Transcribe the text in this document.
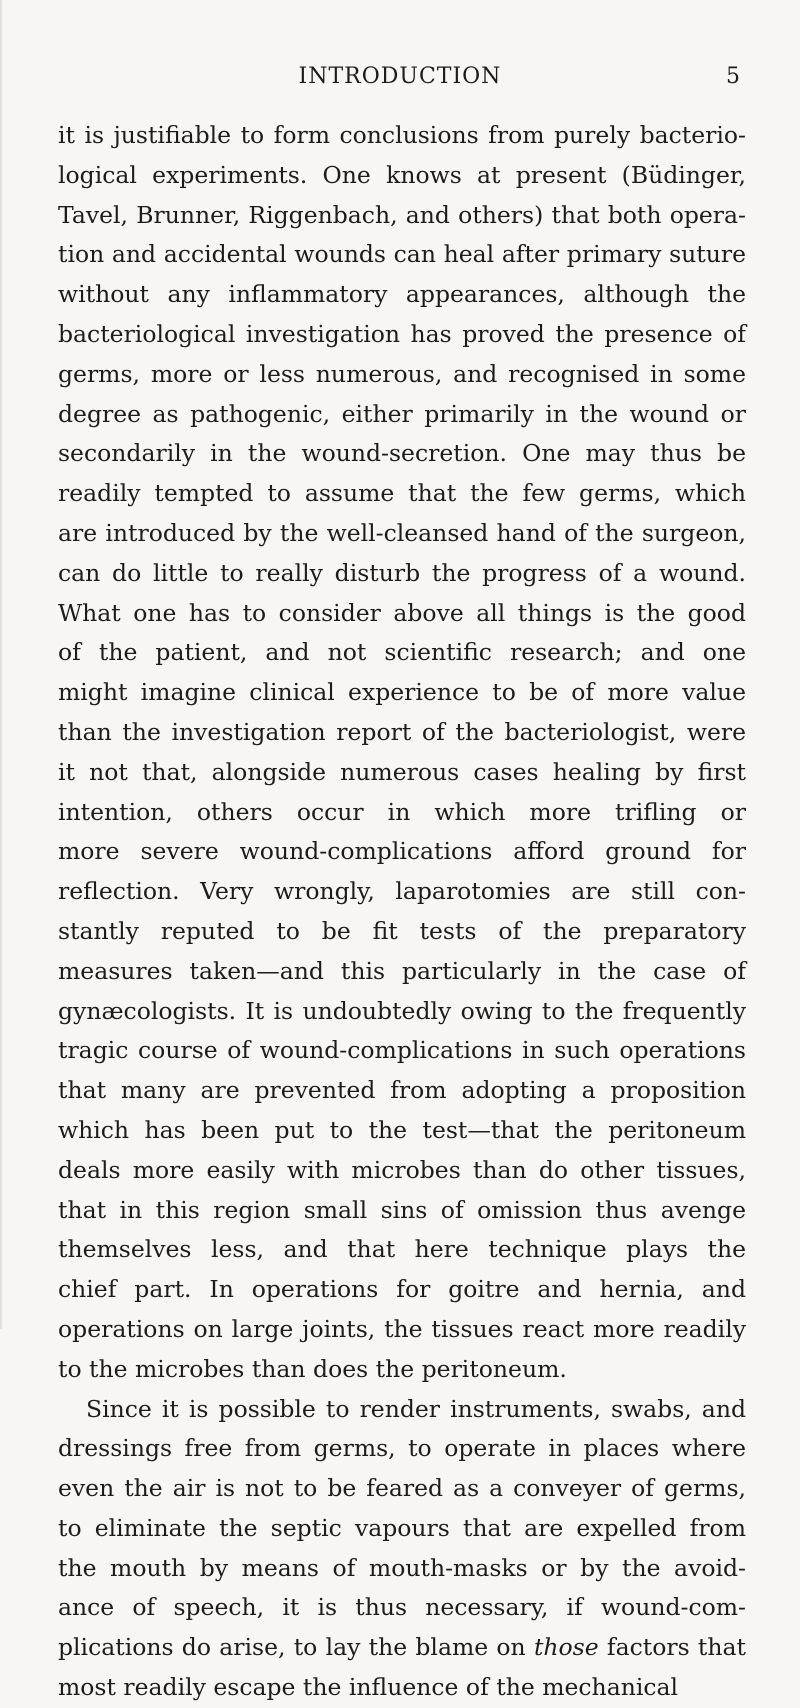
INTRODUCTION	5
it is justifiable to form conclusions from purely bacterio-
logical experiments. One knows at present (Büdinger,
Tavel, Brunner, Riggenbach, and others) that both opera-
tion and accidental wounds can heal after primary suture
without any inflammatory appearances, although the
bacteriological investigation has proved the presence of
germs, more or less numerous, and recognised in some
degree as pathogenic, either primarily in the wound or
secondarily in the wound-secretion. One may thus be
readily tempted to assume that the few germs, which
are introduced by the well-cleansed hand of the surgeon,
can do little to really disturb the progress of a wound.
What one has to consider above all things is the good
of the patient, and not scientific research; and one
might imagine clinical experience to be of more value
than the investigation report of the bacteriologist, were
it not that, alongside numerous cases healing by first
intention, others occur in which more trifling or
more severe wound-complications afford ground for
reflection. Very wrongly, laparotomies are still con-
stantly reputed to be fit tests of the preparatory
measures taken—and this particularly in the case of
gynæcologists. It is undoubtedly owing to the frequently
tragic course of wound-complications in such operations
that many are prevented from adopting a proposition
which has been put to the test—that the peritoneum
deals more easily with microbes than do other tissues,
that in this region small sins of omission thus avenge
themselves less, and that here technique plays the
chief part. In operations for goitre and hernia, and
operations on large joints, the tissues react more readily
to the microbes than does the peritoneum.
Since it is possible to render instruments, swabs, and
dressings free from germs, to operate in places where
even the air is not to be feared as a conveyer of germs,
to eliminate the septic vapours that are expelled from
the mouth by means of mouth-masks or by the avoid-
ance of speech, it is thus necessary, if wound-com-
plications do arise, to lay the blame on those factors that
most readily escape the influence of the mechanical
